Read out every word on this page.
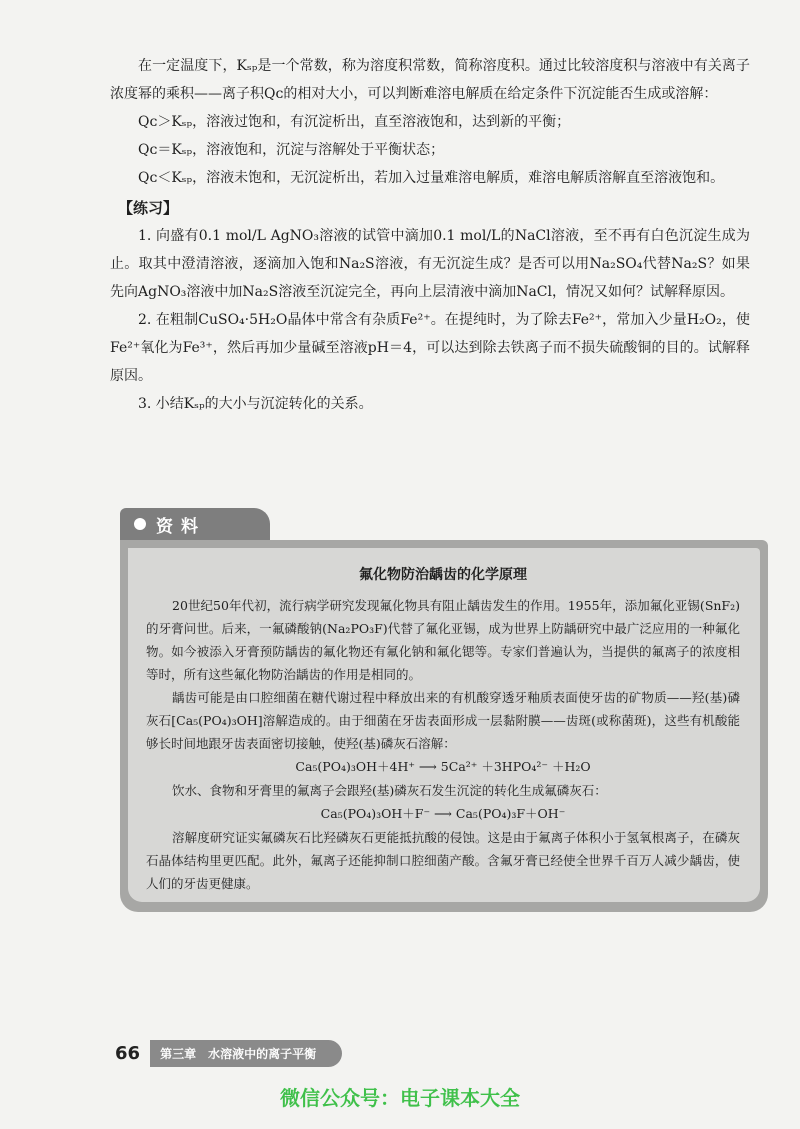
在一定温度下，Kₛₚ是一个常数，称为溶度积常数，简称溶度积。通过比较溶度积与溶液中有关离子浓度幂的乘积——离子积Qᴄ的相对大小，可以判断难溶电解质在给定条件下沉淀能否生成或溶解：

Qᴄ＞Kₛₚ，溶液过饱和，有沉淀析出，直至溶液饱和，达到新的平衡；

Qᴄ＝Kₛₚ，溶液饱和，沉淀与溶解处于平衡状态；

Qᴄ＜Kₛₚ，溶液未饱和，无沉淀析出，若加入过量难溶电解质，难溶电解质溶解直至溶液饱和。

【练习】

1. 向盛有0.1 mol/L AgNO₃溶液的试管中滴加0.1 mol/L的NaCl溶液，至不再有白色沉淀生成为止。取其中澄清溶液，逐滴加入饱和Na₂S溶液，有无沉淀生成？是否可以用Na₂SO₄代替Na₂S？如果先向AgNO₃溶液中加Na₂S溶液至沉淀完全，再向上层清液中滴加NaCl，情况又如何？试解释原因。

2. 在粗制CuSO₄·5H₂O晶体中常含有杂质Fe²⁺。在提纯时，为了除去Fe²⁺，常加入少量H₂O₂，使Fe²⁺氧化为Fe³⁺，然后再加少量碱至溶液pH＝4，可以达到除去铁离子而不损失硫酸铜的目的。试解释原因。

3. 小结Kₛₚ的大小与沉淀转化的关系。

资料

氟化物防治龋齿的化学原理

20世纪50年代初，流行病学研究发现氟化物具有阻止龋齿发生的作用。1955年，添加氟化亚锡(SnF₂)的牙膏问世。后来，一氟磷酸钠(Na₂PO₃F)代替了氟化亚锡，成为世界上防龋研究中最广泛应用的一种氟化物。如今被添入牙膏预防龋齿的氟化物还有氟化钠和氟化锶等。专家们普遍认为，当提供的氟离子的浓度相等时，所有这些氟化物防治龋齿的作用是相同的。

龋齿可能是由口腔细菌在糖代谢过程中释放出来的有机酸穿透牙釉质表面使牙齿的矿物质——羟(基)磷灰石[Ca₅(PO₄)₃OH]溶解造成的。由于细菌在牙齿表面形成一层黏附膜——齿斑(或称菌斑)，这些有机酸能够长时间地跟牙齿表面密切接触，使羟(基)磷灰石溶解：

Ca₅(PO₄)₃OH＋4H⁺ ⟶ 5Ca²⁺ ＋3HPO₄²⁻ ＋H₂O

饮水、食物和牙膏里的氟离子会跟羟(基)磷灰石发生沉淀的转化生成氟磷灰石：

Ca₅(PO₄)₃OH＋F⁻ ⟶ Ca₅(PO₄)₃F＋OH⁻

溶解度研究证实氟磷灰石比羟磷灰石更能抵抗酸的侵蚀。这是由于氟离子体积小于氢氧根离子，在磷灰石晶体结构里更匹配。此外，氟离子还能抑制口腔细菌产酸。含氟牙膏已经使全世界千百万人减少龋齿，使人们的牙齿更健康。

66 第三章 水溶液中的离子平衡
微信公众号：电子课本大全
